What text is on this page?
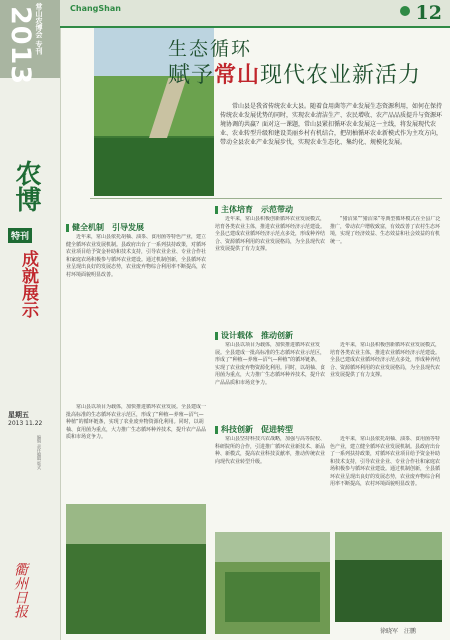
2013 常山农博会 专刊
农博
特刊
成就展示
星期五
2013 11.22
编辑 责任编辑 版式
衢州日报
ChangShan	12
生态循环
赋予常山现代农业新活力
常山县是我省传统农业大县。随着食用菌等产业发展生态资源利用，如何在保持传统农业发展优势的同时，实现农业清洁生产、农民增收、农产品品质提升与资源环境协调的共赢？面对这一课题，常山县紧扣循环农业发展这一主线，将发展现代农业、农业转型升级和建设美丽乡村有机结合，把胡柚循环农业新模式作为主攻方向，带动全县农业产业发展步伐，实现农业生态化、集约化、规模化发展。
主体培育　示范带动
近年来，常山县积极创新循环农业发展模式，培育各类农业主体，推进农业循环经济示范建设。全县已建成农业循环经济示范点多处，形成种养结合、资源循环利用的农业发展格局，为全县现代农业发展提供了有力支撑。
“猪沼果”“猪沼菜”等典型循环模式在全县广泛推广，带动农户增收致富，有效改善了农村生态环境，实现了经济效益、生态效益和社会效益的有机统一。
健全机制　引导发展
近年来，常山县依托胡柚、油茶、食用菌等特色产业，建立健全循环农业发展机制。县政府出台了一系列扶持政策，对循环农业项目给予资金补助和技术支持，引导农业企业、专业合作社和家庭农场积极参与循环农业建设。通过机制创新，全县循环农业呈现出良好的发展态势，农业废弃物综合利用率不断提高，农村环境面貌明显改善。
常山县以项目为载体，加快推进循环农业发展。全县建成一批高标准的生态循环农业示范区，形成了“种植—养殖—沼气—种植”的循环链条，实现了农业废弃物资源化利用。同时，以胡柚、食用菌为重点，大力推广生态循环种养技术，提升农产品品质和市场竞争力。
设计载体　推动创新
常山县以项目为载体，加快推进循环农业发展。全县建成一批高标准的生态循环农业示范区，形成了“种植—养殖—沼气—种植”的循环链条，实现了农业废弃物资源化利用。同时，以胡柚、食用菌为重点，大力推广生态循环种养技术，提升农产品品质和市场竞争力。
近年来，常山县积极创新循环农业发展模式，培育各类农业主体，推进农业循环经济示范建设。全县已建成农业循环经济示范点多处，形成种养结合、资源循环利用的农业发展格局，为全县现代农业发展提供了有力支撑。
科技创新　促进转型
常山县坚持科技兴农战略，加强与高等院校、科研院所的合作，引进推广循环农业新技术、新品种、新模式，提高农业科技贡献率，推动传统农业向现代农业转型升级。
近年来，常山县依托胡柚、油茶、食用菌等特色产业，建立健全循环农业发展机制。县政府出台了一系列扶持政策，对循环农业项目给予资金补助和技术支持，引导农业企业、专业合作社和家庭农场积极参与循环农业建设。通过机制创新，全县循环农业呈现出良好的发展态势，农业废弃物综合利用率不断提高，农村环境面貌明显改善。
徐晓军　汪鹏
